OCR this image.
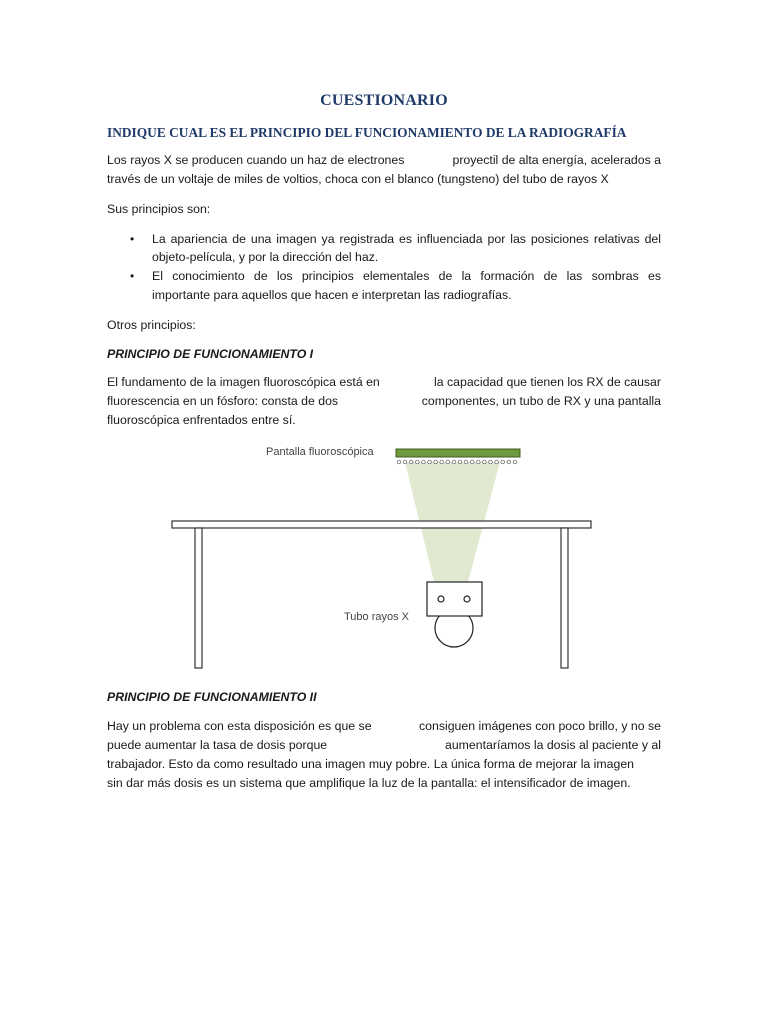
CUESTIONARIO
INDIQUE CUAL ES EL PRINCIPIO DEL FUNCIONAMIENTO DE LA RADIOGRAFÍA
Los rayos X se producen cuando un haz de electrones	proyectil de alta energía, acelerados a
través de un voltaje de miles de voltios, choca con el blanco (tungsteno) del tubo de rayos X
Sus principios son:
• La apariencia de una imagen ya registrada es influenciada por las posiciones relativas del
objeto-película, y por la dirección del haz.
• El conocimiento de los principios elementales de la formación de las sombras es
importante para aquellos que hacen e interpretan las radiografías.
Otros principios:
PRINCIPIO DE FUNCIONAMIENTO I
El fundamento de la imagen fluoroscópica está en	la capacidad que tienen los RX de causar
fluorescencia en un fósforo: consta de dos	componentes, un tubo de RX y una pantalla
fluoroscópica enfrentados entre sí.
Pantalla fluoroscópica
Tubo rayos X
PRINCIPIO DE FUNCIONAMIENTO II
Hay un problema con esta disposición es que se	consiguen imágenes con poco brillo, y no se
puede aumentar la tasa de dosis porque	aumentaríamos la dosis al paciente y al
trabajador. Esto da como resultado una imagen muy pobre. La única forma de mejorar la imagen
sin dar más dosis es un sistema que amplifique la luz de la pantalla: el intensificador de imagen.
